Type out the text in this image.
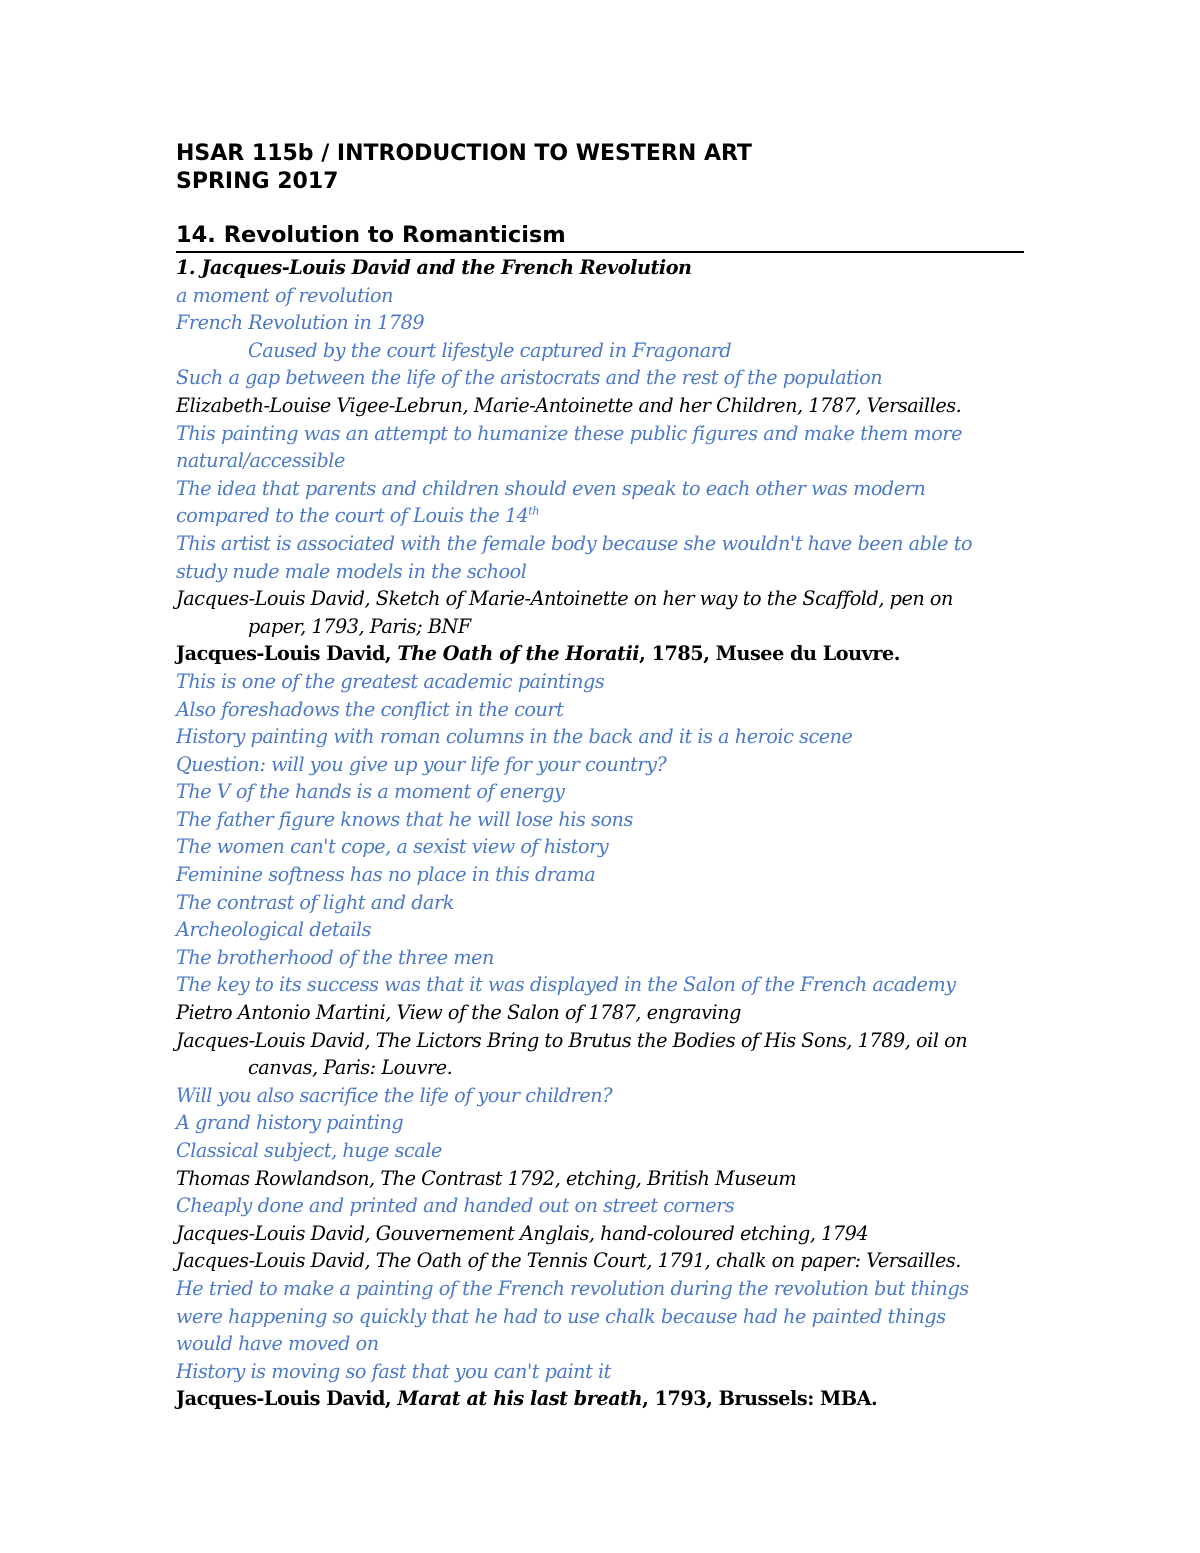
HSAR 115b / INTRODUCTION TO WESTERN ART
SPRING 2017
14. Revolution to Romanticism
1. Jacques-Louis David and the French Revolution
a moment of revolution
French Revolution in 1789
Caused by the court lifestyle captured in Fragonard
Such a gap between the life of the aristocrats and the rest of the population
Elizabeth-Louise Vigee-Lebrun, Marie-Antoinette and her Children, 1787, Versailles.
This painting was an attempt to humanize these public figures and make them more
natural/accessible
The idea that parents and children should even speak to each other was modern
compared to the court of Louis the 14th
This artist is associated with the female body because she wouldn't have been able to
study nude male models in the school
Jacques-Louis David, Sketch of Marie-Antoinette on her way to the Scaffold, pen on
paper, 1793, Paris; BNF
Jacques-Louis David, The Oath of the Horatii, 1785, Musee du Louvre.
This is one of the greatest academic paintings
Also foreshadows the conflict in the court
History painting with roman columns in the back and it is a heroic scene
Question: will you give up your life for your country?
The V of the hands is a moment of energy
The father figure knows that he will lose his sons
The women can't cope, a sexist view of history
Feminine softness has no place in this drama
The contrast of light and dark
Archeological details
The brotherhood of the three men
The key to its success was that it was displayed in the Salon of the French academy
Pietro Antonio Martini, View of the Salon of 1787, engraving
Jacques-Louis David, The Lictors Bring to Brutus the Bodies of His Sons, 1789, oil on
canvas, Paris: Louvre.
Will you also sacrifice the life of your children?
A grand history painting
Classical subject, huge scale
Thomas Rowlandson, The Contrast 1792, etching, British Museum
Cheaply done and printed and handed out on street corners
Jacques-Louis David, Gouvernement Anglais, hand-coloured etching, 1794
Jacques-Louis David, The Oath of the Tennis Court, 1791, chalk on paper: Versailles.
He tried to make a painting of the French revolution during the revolution but things
were happening so quickly that he had to use chalk because had he painted things
would have moved on
History is moving so fast that you can't paint it
Jacques-Louis David, Marat at his last breath, 1793, Brussels: MBA.
